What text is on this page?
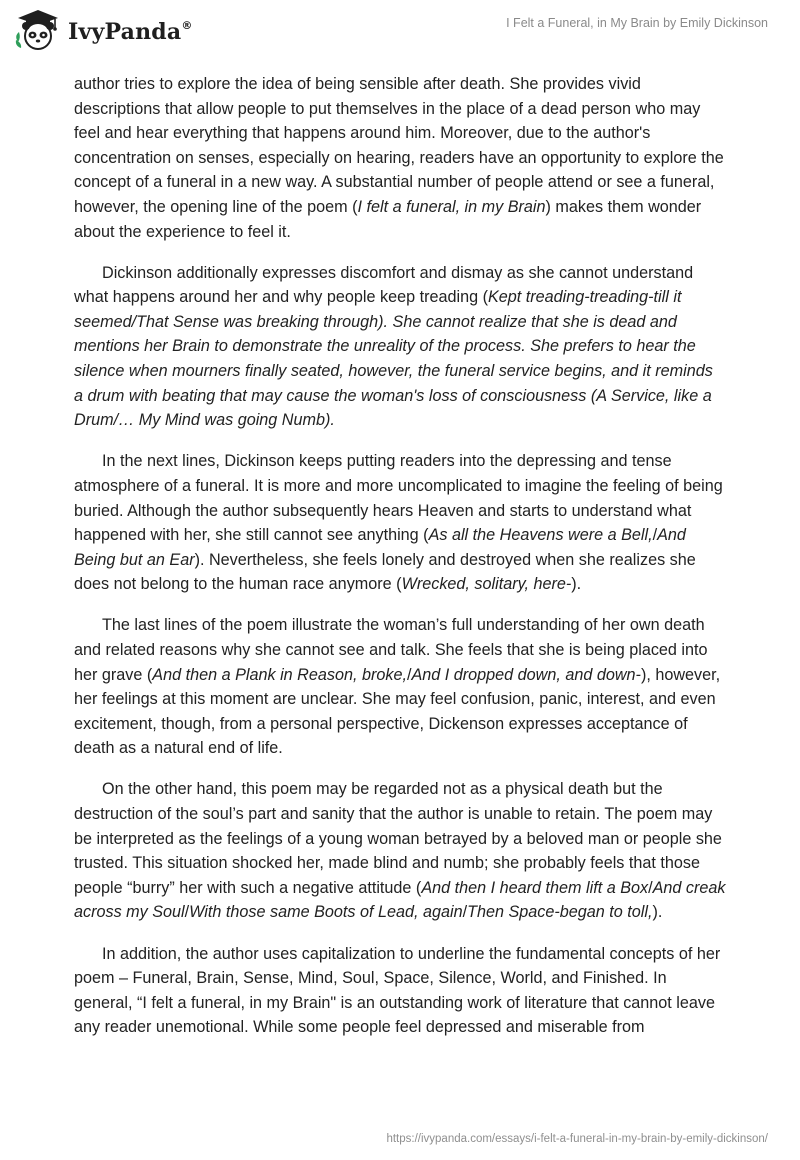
IvyPanda®	I Felt a Funeral, in My Brain by Emily Dickinson

author tries to explore the idea of being sensible after death. She provides vivid descriptions that allow people to put themselves in the place of a dead person who may feel and hear everything that happens around him. Moreover, due to the author's concentration on senses, especially on hearing, readers have an opportunity to explore the concept of a funeral in a new way. A substantial number of people attend or see a funeral, however, the opening line of the poem (I felt a funeral, in my Brain) makes them wonder about the experience to feel it.

Dickinson additionally expresses discomfort and dismay as she cannot understand what happens around her and why people keep treading (Kept treading-treading-till it seemed/That Sense was breaking through). She cannot realize that she is dead and mentions her Brain to demonstrate the unreality of the process. She prefers to hear the silence when mourners finally seated, however, the funeral service begins, and it reminds a drum with beating that may cause the woman's loss of consciousness (A Service, like a Drum/… My Mind was going Numb).

In the next lines, Dickinson keeps putting readers into the depressing and tense atmosphere of a funeral. It is more and more uncomplicated to imagine the feeling of being buried. Although the author subsequently hears Heaven and starts to understand what happened with her, she still cannot see anything (As all the Heavens were a Bell,/And Being but an Ear). Nevertheless, she feels lonely and destroyed when she realizes she does not belong to the human race anymore (Wrecked, solitary, here-).

The last lines of the poem illustrate the woman’s full understanding of her own death and related reasons why she cannot see and talk. She feels that she is being placed into her grave (And then a Plank in Reason, broke,/And I dropped down, and down-), however, her feelings at this moment are unclear. She may feel confusion, panic, interest, and even excitement, though, from a personal perspective, Dickenson expresses acceptance of death as a natural end of life.

On the other hand, this poem may be regarded not as a physical death but the destruction of the soul’s part and sanity that the author is unable to retain. The poem may be interpreted as the feelings of a young woman betrayed by a beloved man or people she trusted. This situation shocked her, made blind and numb; she probably feels that those people “burry” her with such a negative attitude (And then I heard them lift a Box/And creak across my Soul/With those same Boots of Lead, again/Then Space-began to toll,).

In addition, the author uses capitalization to underline the fundamental concepts of her poem – Funeral, Brain, Sense, Mind, Soul, Space, Silence, World, and Finished. In general, “I felt a funeral, in my Brain" is an outstanding work of literature that cannot leave any reader unemotional. While some people feel depressed and miserable from

https://ivypanda.com/essays/i-felt-a-funeral-in-my-brain-by-emily-dickinson/
